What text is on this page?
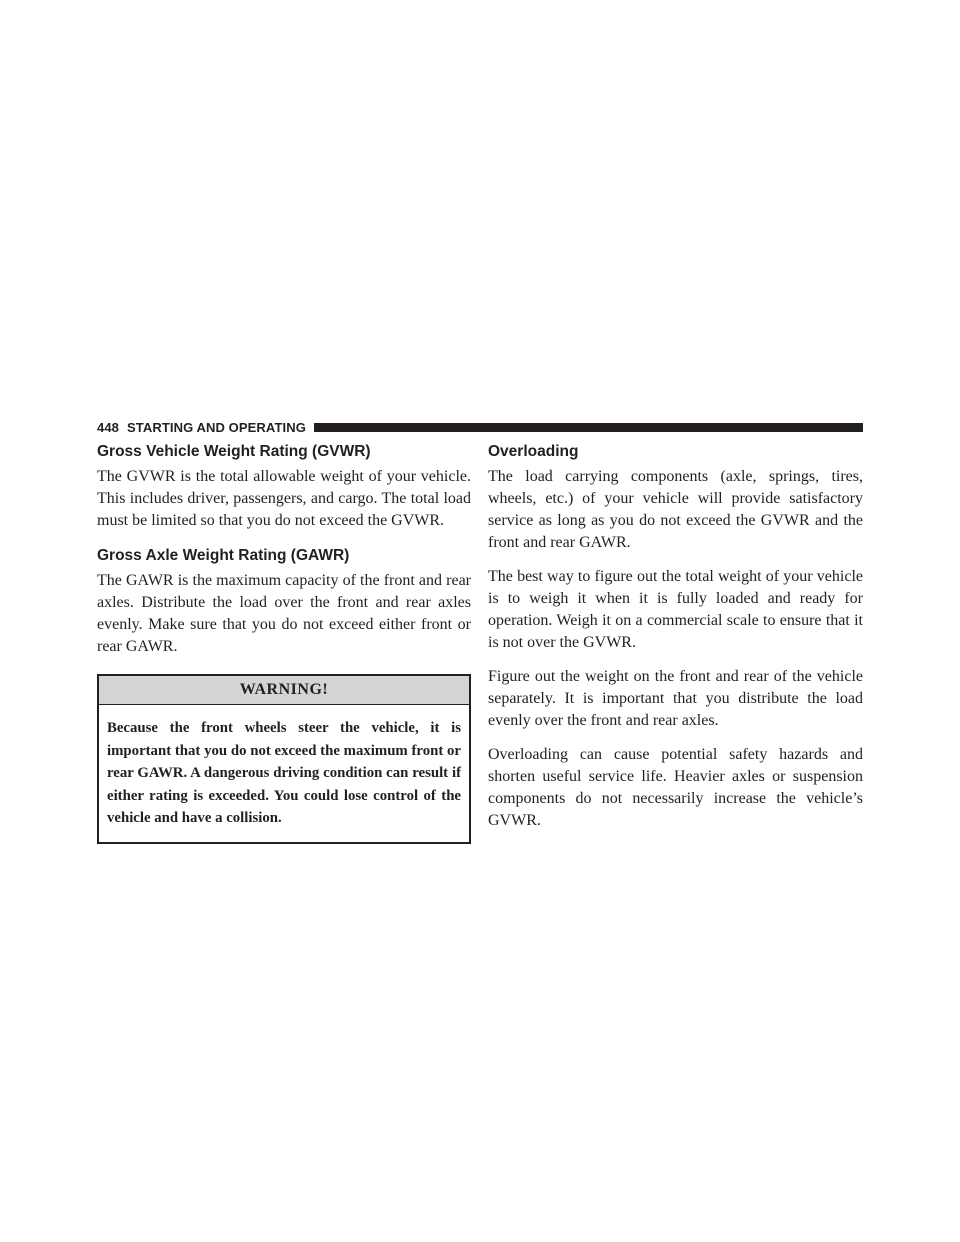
448 STARTING AND OPERATING
Gross Vehicle Weight Rating (GVWR)

The GVWR is the total allowable weight of your vehicle. This includes driver, passengers, and cargo. The total load must be limited so that you do not exceed the GVWR.

Gross Axle Weight Rating (GAWR)

The GAWR is the maximum capacity of the front and rear axles. Distribute the load over the front and rear axles evenly. Make sure that you do not exceed either front or rear GAWR.

WARNING!
Because the front wheels steer the vehicle, it is important that you do not exceed the maximum front or rear GAWR. A dangerous driving condition can result if either rating is exceeded. You could lose control of the vehicle and have a collision.
Overloading

The load carrying components (axle, springs, tires, wheels, etc.) of your vehicle will provide satisfactory service as long as you do not exceed the GVWR and the front and rear GAWR.

The best way to figure out the total weight of your vehicle is to weigh it when it is fully loaded and ready for operation. Weigh it on a commercial scale to ensure that it is not over the GVWR.

Figure out the weight on the front and rear of the vehicle separately. It is important that you distribute the load evenly over the front and rear axles.

Overloading can cause potential safety hazards and shorten useful service life. Heavier axles or suspension components do not necessarily increase the vehicle’s GVWR.
